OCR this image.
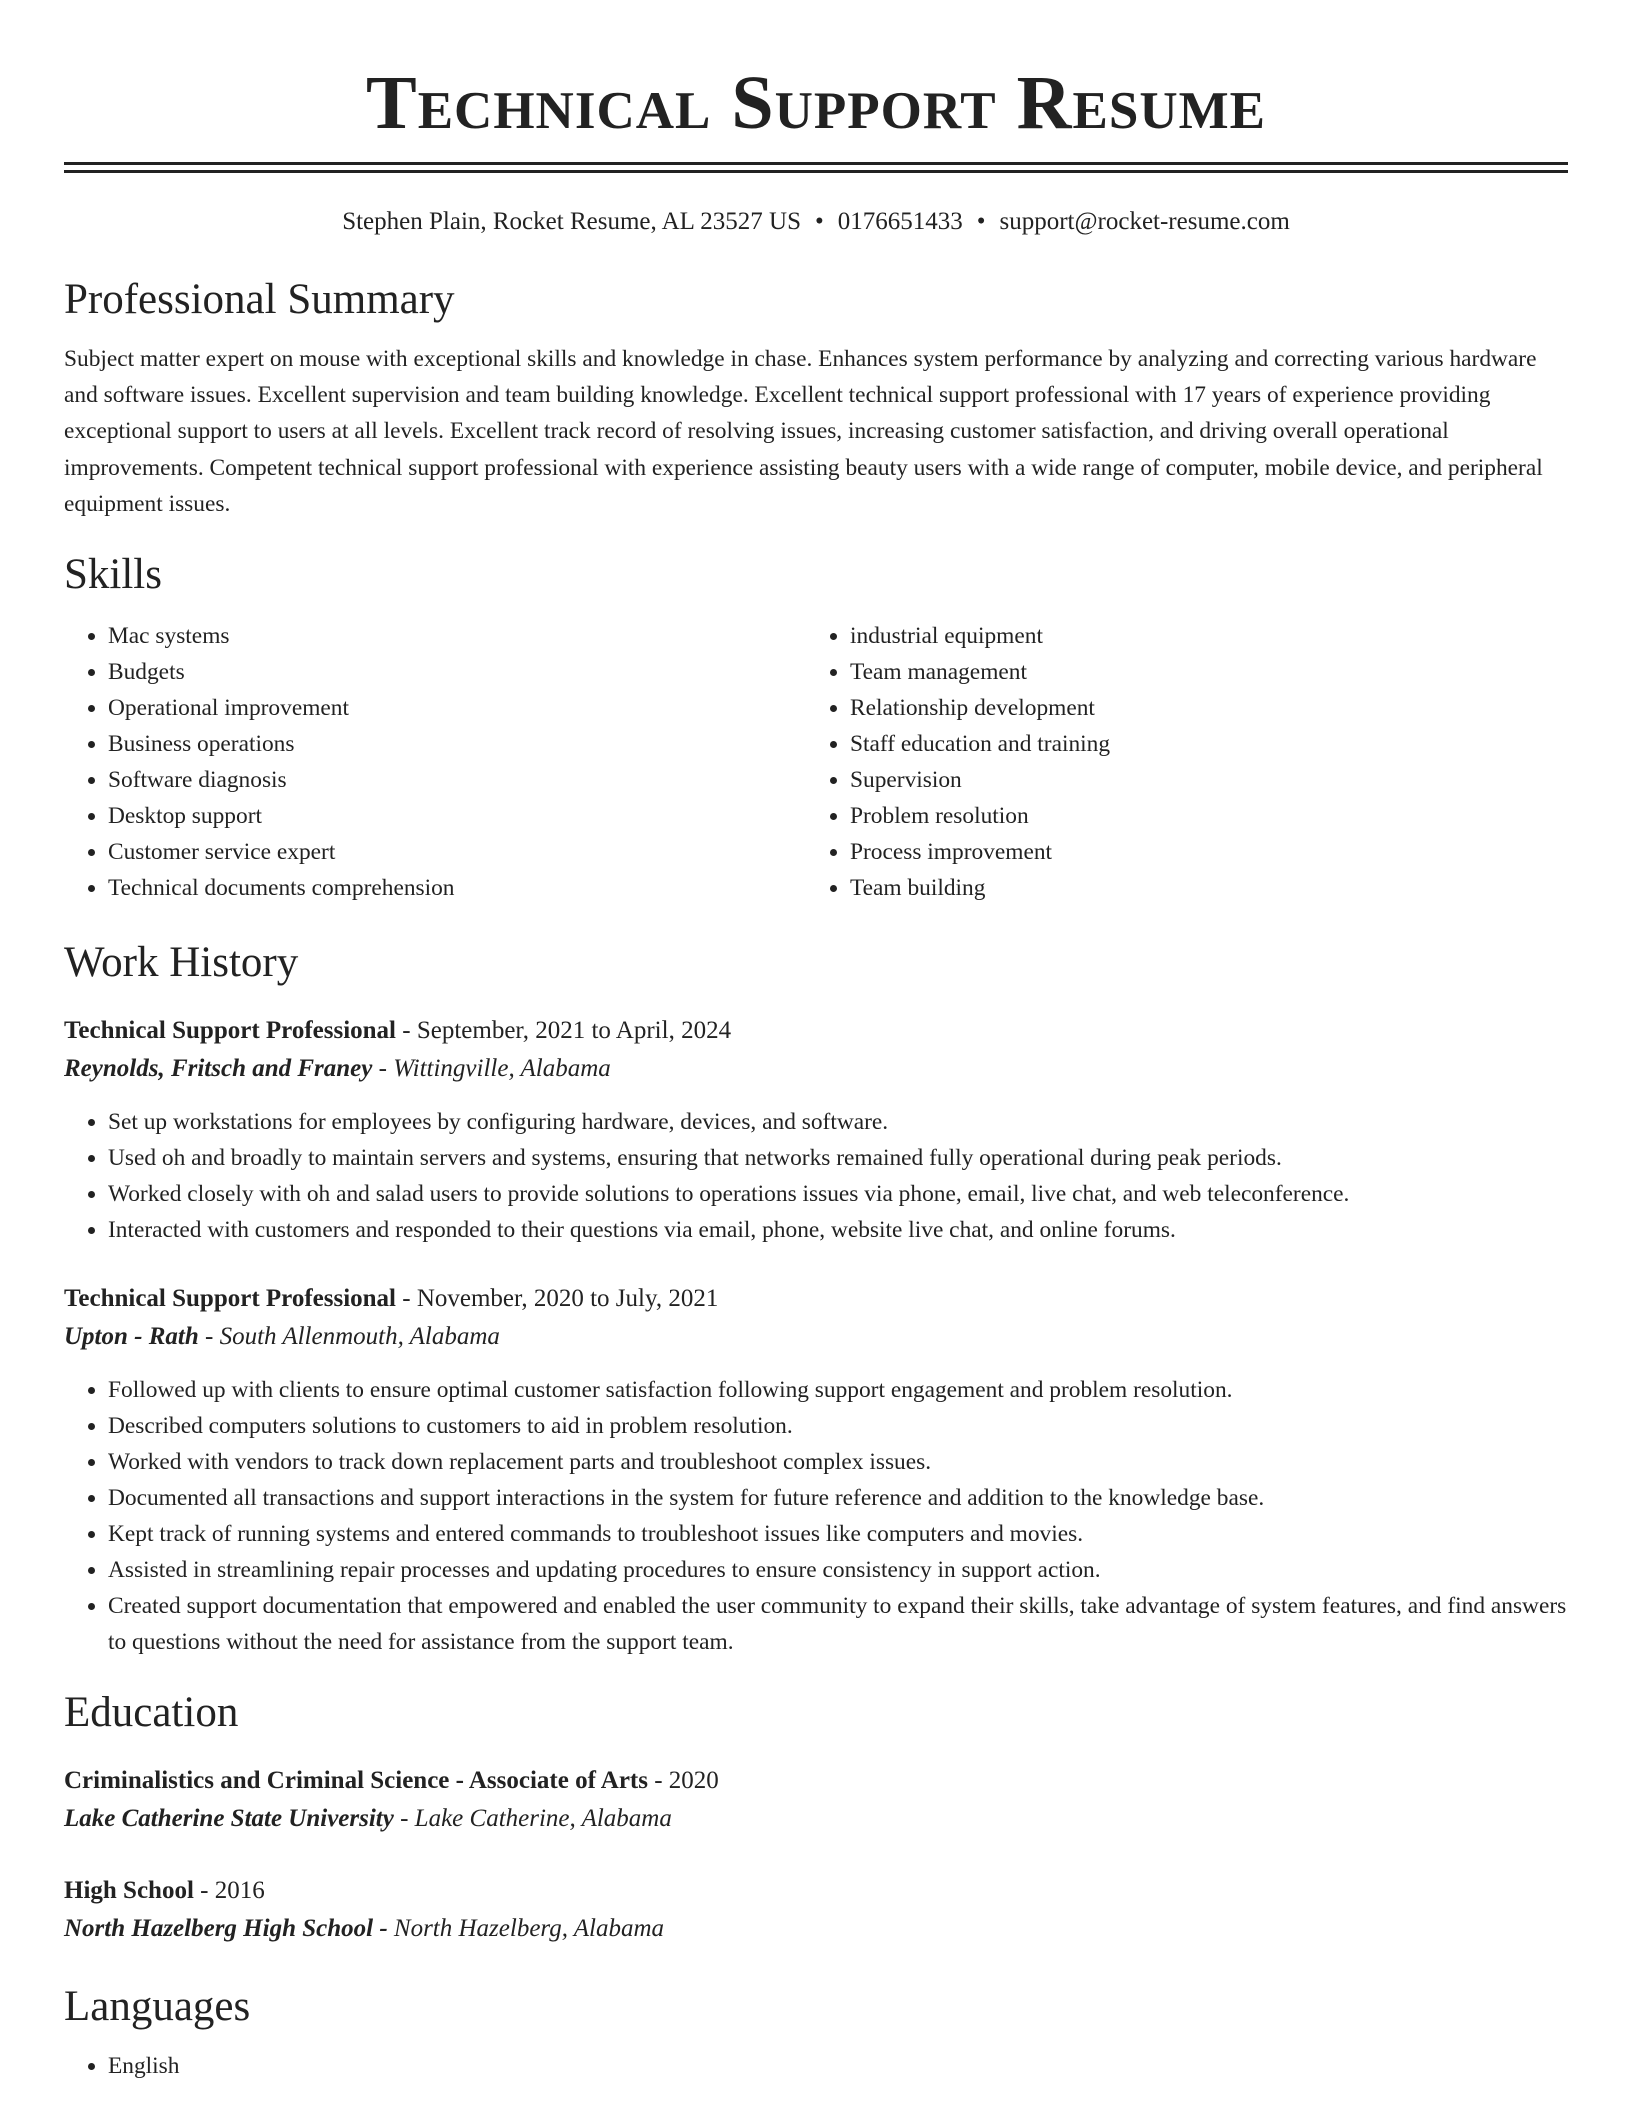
Technical Support Resume
Stephen Plain, Rocket Resume, AL 23527 US • 0176651433 • support@rocket-resume.com
Professional Summary

Subject matter expert on mouse with exceptional skills and knowledge in chase. Enhances system performance by analyzing and correcting various hardware and software issues. Excellent supervision and team building knowledge. Excellent technical support professional with 17 years of experience providing exceptional support to users at all levels. Excellent track record of resolving issues, increasing customer satisfaction, and driving overall operational improvements. Competent technical support professional with experience assisting beauty users with a wide range of computer, mobile device, and peripheral equipment issues.

Skills
• Mac systems
• Budgets
• Operational improvement
• Business operations
• Software diagnosis
• Desktop support
• Customer service expert
• Technical documents comprehension
• industrial equipment
• Team management
• Relationship development
• Staff education and training
• Supervision
• Problem resolution
• Process improvement
• Team building
Work History
Technical Support Professional - September, 2021 to April, 2024
Reynolds, Fritsch and Franey - Wittingville, Alabama
• Set up workstations for employees by configuring hardware, devices, and software.
• Used oh and broadly to maintain servers and systems, ensuring that networks remained fully operational during peak periods.
• Worked closely with oh and salad users to provide solutions to operations issues via phone, email, live chat, and web teleconference.
• Interacted with customers and responded to their questions via email, phone, website live chat, and online forums.
Technical Support Professional - November, 2020 to July, 2021
Upton - Rath - South Allenmouth, Alabama
• Followed up with clients to ensure optimal customer satisfaction following support engagement and problem resolution.
• Described computers solutions to customers to aid in problem resolution.
• Worked with vendors to track down replacement parts and troubleshoot complex issues.
• Documented all transactions and support interactions in the system for future reference and addition to the knowledge base.
• Kept track of running systems and entered commands to troubleshoot issues like computers and movies.
• Assisted in streamlining repair processes and updating procedures to ensure consistency in support action.
• Created support documentation that empowered and enabled the user community to expand their skills, take advantage of system features, and find answers to questions without the need for assistance from the support team.
Education
Criminalistics and Criminal Science - Associate of Arts - 2020
Lake Catherine State University - Lake Catherine, Alabama
High School - 2016
North Hazelberg High School - North Hazelberg, Alabama
Languages
• English
